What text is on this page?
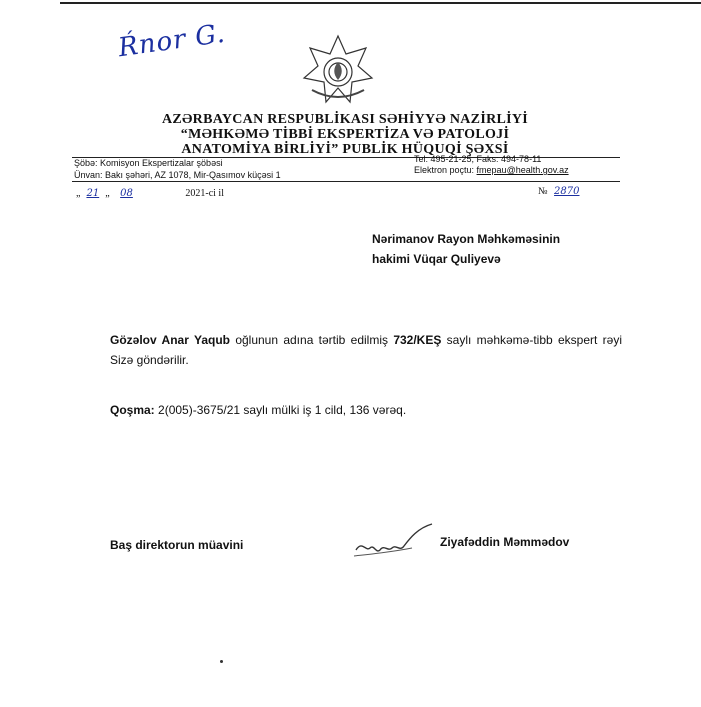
Ŕnor G.
AZƏRBAYCAN RESPUBLİKASI SƏHİYYƏ NAZİRLİYİ
“MƏHKƏMƏ TİBBİ EKSPERTİZA VƏ PATOLOJİ
ANATOMİYA BİRLİYİ” PUBLİK HÜQUQİ ŞƏXSİ
Şöbə: Komisyon Ekspertizalar şöbəsi	Tel: 495-21-25, Faks: 494-78-11
Ünvan: Bakı şəhəri, AZ 1078, Mir-Qasımov küçəsi 1	Elektron poçtu: fmepau@health.gov.az
„ 21 „ 08	2021-ci il	№ 2870
Nərimanov Rayon Məhkəməsinin
hakimi Vüqar Quliyevə
Gözəlov Anar Yaqub oğlunun adına tərtib edilmiş 732/KEŞ saylı məhkəmə-tibb ekspert rəyi Sizə göndərilir.
Qoşma: 2(005)-3675/21 saylı mülki iş 1 cild, 136 vərəq.
Baş direktorun müavini	Ziyafəddin Məmmədov
